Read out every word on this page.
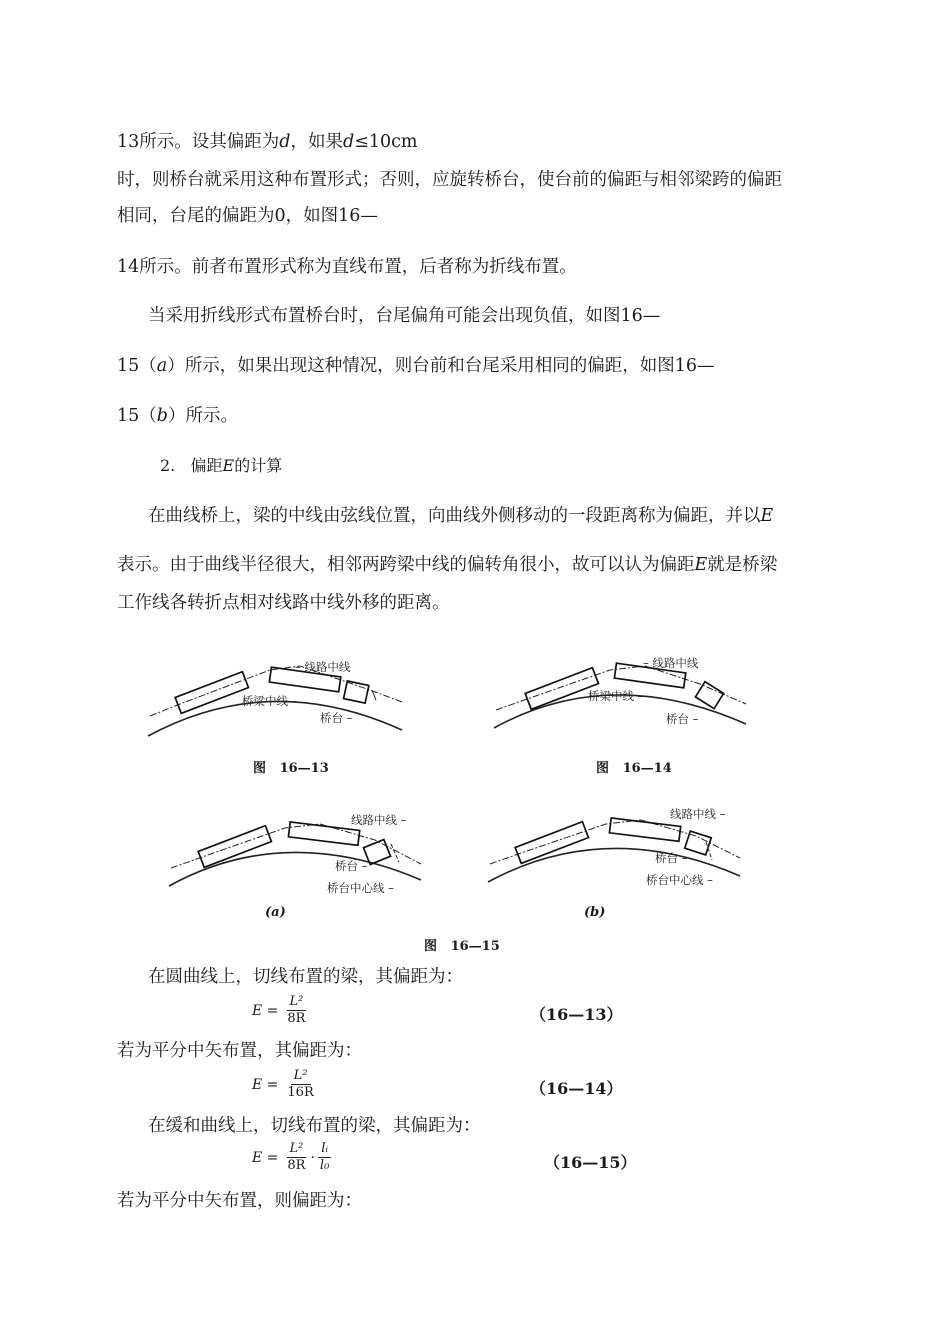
13所示。设其偏距为d，如果d≤10cm
时，则桥台就采用这种布置形式；否则，应旋转桥台，使台前的偏距与相邻梁跨的偏距
相同，台尾的偏距为0，如图16—
14所示。前者布置形式称为直线布置，后者称为折线布置。
当采用折线形式布置桥台时，台尾偏角可能会出现负值，如图16—
15（a）所示，如果出现这种情况，则台前和台尾采用相同的偏距，如图16—
15（b）所示。
2. 偏距E的计算
在曲线桥上，梁的中线由弦线位置，向曲线外侧移动的一段距离称为偏距，并以E
表示。由于曲线半径很大，相邻两跨梁中线的偏转角很小，故可以认为偏距E就是桥梁
工作线各转折点相对线路中线外移的距离。
– 线路中线
桥梁中线 –
桥台 –
图   16—13
– 线路中线
桥梁中线 –
桥台 –
图   16—14
线路中线 –
桥台 –
桥台中心线 –
(a)
线路中线 –
桥台 –
桥台中心线 –
(b)
图   16—15
在圆曲线上，切线布置的梁，其偏距为：
$E = \frac{\text{L²}}{8R}$	（16—13）
若为平分中矢布置，其偏距为：
$E = \frac{\text{L²}}{16R}$	（16—14）
在缓和曲线上，切线布置的梁，其偏距为：
$E = \frac{\text{L²}}{8R} \cdot \frac{\text{lᵢ}}{\text{l₀}}$	（16—15）
若为平分中矢布置，则偏距为：
